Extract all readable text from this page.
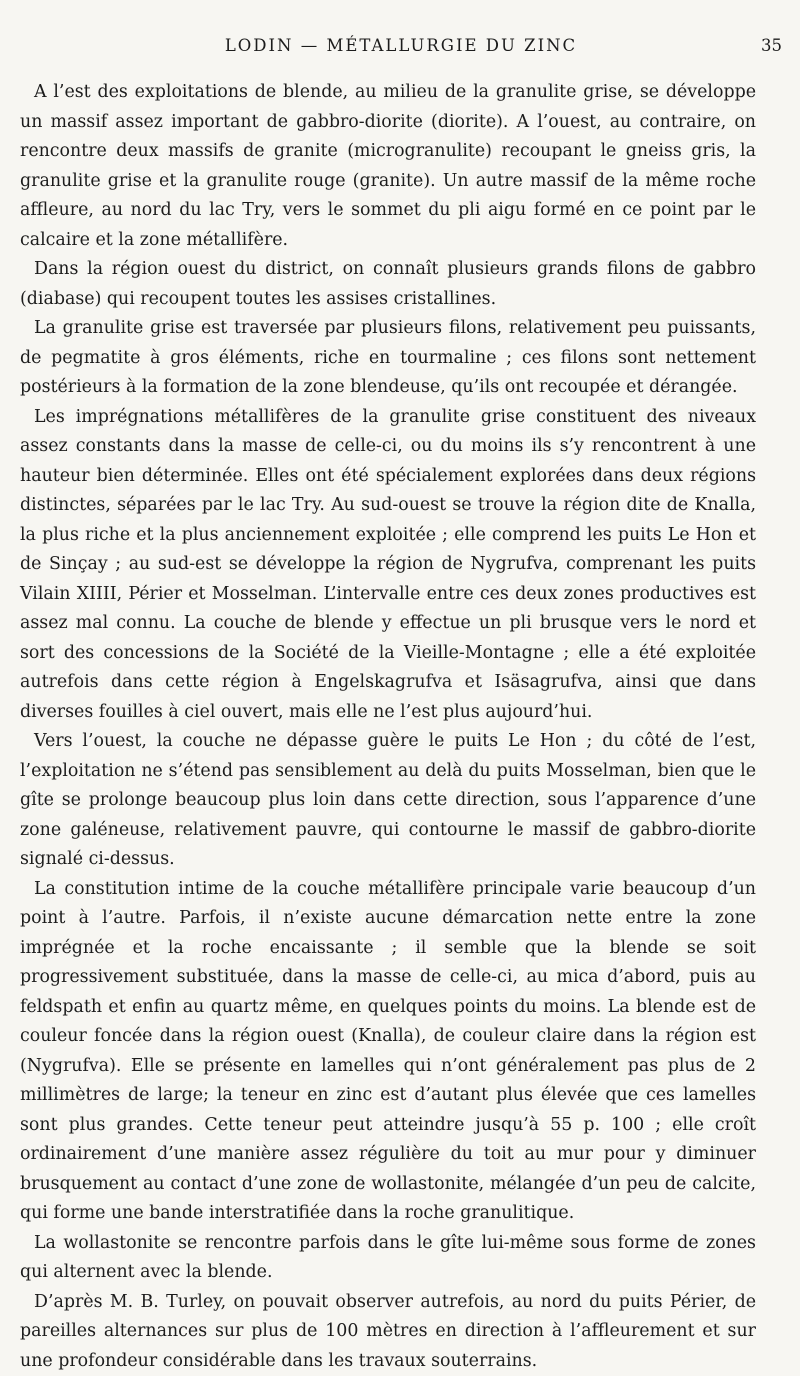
LODIN — MÉTALLURGIE DU ZINC	35

A l’est des exploitations de blende, au milieu de la granulite grise, se développe un massif assez important de gabbro-diorite (diorite). A l’ouest, au contraire, on rencontre deux massifs de granite (microgranulite) recoupant le gneiss gris, la granulite grise et la granulite rouge (granite). Un autre massif de la même roche affleure, au nord du lac Try, vers le sommet du pli aigu formé en ce point par le calcaire et la zone métallifère.

Dans la région ouest du district, on connaît plusieurs grands filons de gabbro (diabase) qui recoupent toutes les assises cristallines.

La granulite grise est traversée par plusieurs filons, relativement peu puissants, de pegmatite à gros éléments, riche en tourmaline ; ces filons sont nettement postérieurs à la formation de la zone blendeuse, qu’ils ont recoupée et dérangée.

Les imprégnations métallifères de la granulite grise constituent des niveaux assez constants dans la masse de celle-ci, ou du moins ils s’y rencontrent à une hauteur bien déterminée. Elles ont été spécialement explorées dans deux régions distinctes, séparées par le lac Try. Au sud-ouest se trouve la région dite de Knalla, la plus riche et la plus anciennement exploitée ; elle comprend les puits Le Hon et de Sinçay ; au sud-est se développe la région de Nygrufva, comprenant les puits Vilain XIIII, Périer et Mosselman. L’intervalle entre ces deux zones productives est assez mal connu. La couche de blende y effectue un pli brusque vers le nord et sort des concessions de la Société de la Vieille-Montagne ; elle a été exploitée autrefois dans cette région à Engelskagrufva et Isäsagrufva, ainsi que dans diverses fouilles à ciel ouvert, mais elle ne l’est plus aujourd’hui.

Vers l’ouest, la couche ne dépasse guère le puits Le Hon ; du côté de l’est, l’exploitation ne s’étend pas sensiblement au delà du puits Mosselman, bien que le gîte se prolonge beaucoup plus loin dans cette direction, sous l’apparence d’une zone galéneuse, relativement pauvre, qui contourne le massif de gabbro-diorite signalé ci-dessus.

La constitution intime de la couche métallifère principale varie beaucoup d’un point à l’autre. Parfois, il n’existe aucune démarcation nette entre la zone imprégnée et la roche encaissante ; il semble que la blende se soit progressivement substituée, dans la masse de celle-ci, au mica d’abord, puis au feldspath et enfin au quartz même, en quelques points du moins. La blende est de couleur foncée dans la région ouest (Knalla), de couleur claire dans la région est (Nygrufva). Elle se présente en lamelles qui n’ont généralement pas plus de 2 millimètres de large; la teneur en zinc est d’autant plus élevée que ces lamelles sont plus grandes. Cette teneur peut atteindre jusqu’à 55 p. 100 ; elle croît ordinairement d’une manière assez régulière du toit au mur pour y diminuer brusquement au contact d’une zone de wollastonite, mélangée d’un peu de calcite, qui forme une bande interstratifiée dans la roche granulitique.

La wollastonite se rencontre parfois dans le gîte lui-même sous forme de zones qui alternent avec la blende.

D’après M. B. Turley, on pouvait observer autrefois, au nord du puits Périer, de pareilles alternances sur plus de 100 mètres en direction à l’affleurement et sur une profondeur considérable dans les travaux souterrains.
